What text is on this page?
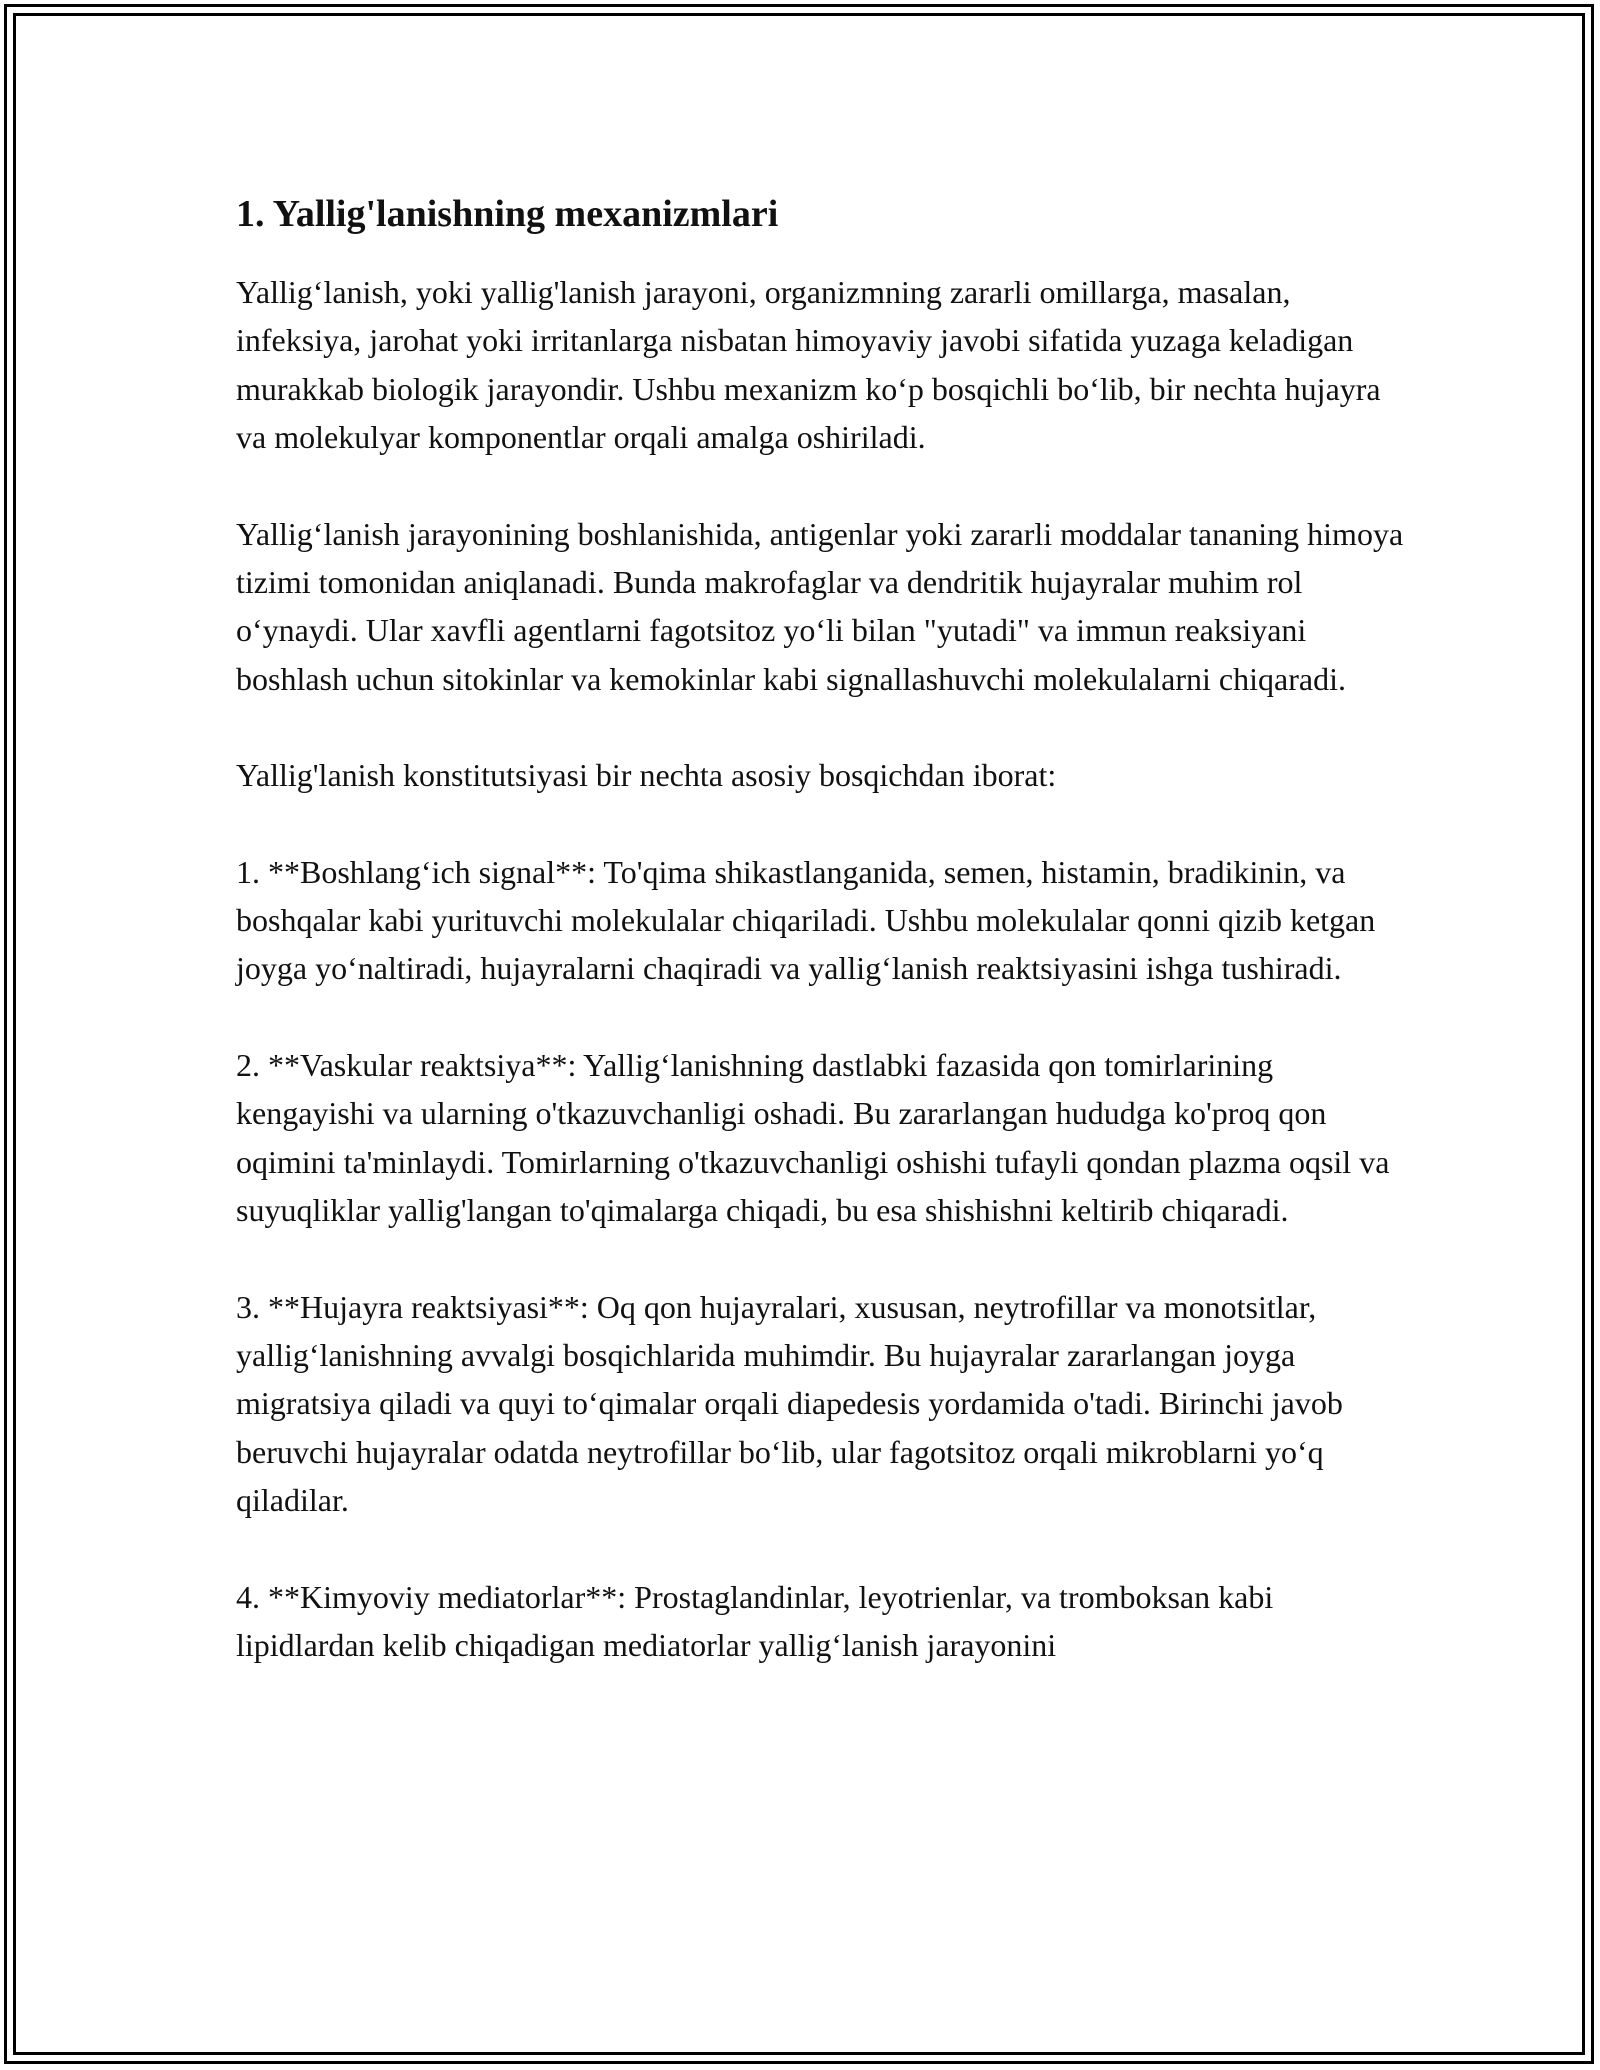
1. Yallig'lanishning mexanizmlari

Yallig‘lanish, yoki yallig'lanish jarayoni, organizmning zararli omillarga, masalan, infeksiya, jarohat yoki irritanlarga nisbatan himoyaviy javobi sifatida yuzaga keladigan murakkab biologik jarayondir. Ushbu mexanizm ko‘p bosqichli bo‘lib, bir nechta hujayra va molekulyar komponentlar orqali amalga oshiriladi.

Yallig‘lanish jarayonining boshlanishida, antigenlar yoki zararli moddalar tananing himoya tizimi tomonidan aniqlanadi. Bunda makrofaglar va dendritik hujayralar muhim rol o‘ynaydi. Ular xavfli agentlarni fagotsitoz yo‘li bilan "yutadi" va immun reaksiyani boshlash uchun sitokinlar va kemokinlar kabi signallashuvchi molekulalarni chiqaradi.

Yallig'lanish konstitutsiyasi bir nechta asosiy bosqichdan iborat:

1. **Boshlang‘ich signal**: To'qima shikastlanganida, semen, histamin, bradikinin, va boshqalar kabi yurituvchi molekulalar chiqariladi. Ushbu molekulalar qonni qizib ketgan joyga yo‘naltiradi, hujayralarni chaqiradi va yallig‘lanish reaktsiyasini ishga tushiradi.

2. **Vaskular reaktsiya**: Yallig‘lanishning dastlabki fazasida qon tomirlarining kengayishi va ularning o'tkazuvchanligi oshadi. Bu zararlangan hududga ko'proq qon oqimini ta'minlaydi. Tomirlarning o'tkazuvchanligi oshishi tufayli qondan plazma oqsil va suyuqliklar yallig'langan to'qimalarga chiqadi, bu esa shishishni keltirib chiqaradi.

3. **Hujayra reaktsiyasi**: Oq qon hujayralari, xususan, neytrofillar va monotsitlar, yallig‘lanishning avvalgi bosqichlarida muhimdir. Bu hujayralar zararlangan joyga migratsiya qiladi va quyi to‘qimalar orqali diapedesis yordamida o'tadi. Birinchi javob beruvchi hujayralar odatda neytrofillar bo‘lib, ular fagotsitoz orqali mikroblarni yo‘q qiladilar.

4. **Kimyoviy mediatorlar**: Prostaglandinlar, leyotrienlar, va tromboksan kabi lipidlardan kelib chiqadigan mediatorlar yallig‘lanish jarayonini
